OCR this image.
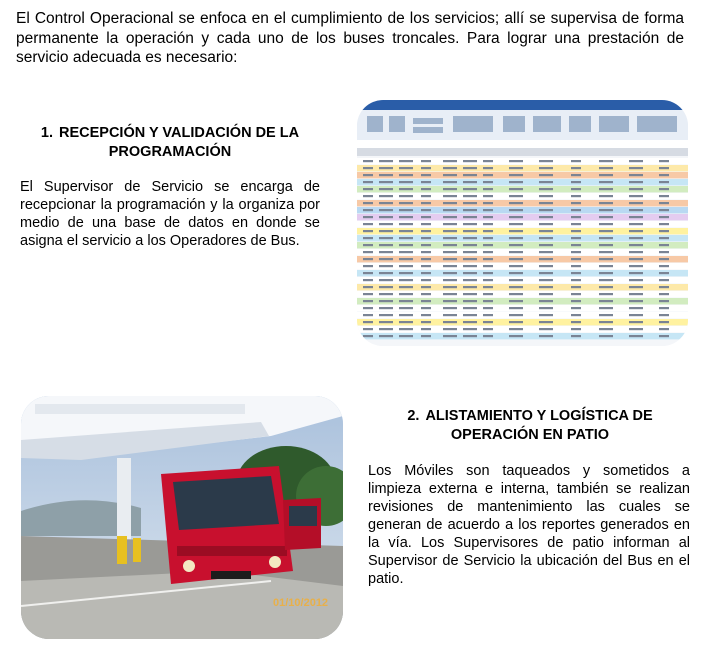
El Control Operacional se enfoca en el cumplimiento de los servicios; allí se supervisa de forma permanente la operación y cada uno de los buses troncales. Para lograr una prestación de servicio adecuada es necesario:
1. RECEPCIÓN Y VALIDACIÓN DE LA
PROGRAMACIÓN
El Supervisor de Servicio se encarga de recepcionar la programación y la organiza por medio de una base de datos en donde se asigna el servicio a los Operadores de Bus.
2. ALISTAMIENTO Y LOGÍSTICA DE
OPERACIÓN EN PATIO
Los Móviles son taqueados y sometidos a limpieza externa e interna, también se realizan revisiones de mantenimiento las cuales se generan de acuerdo a los reportes generados en la vía. Los Supervisores de patio informan al Supervisor de Servicio la ubicación del Bus en el patio.
01/10/2012
